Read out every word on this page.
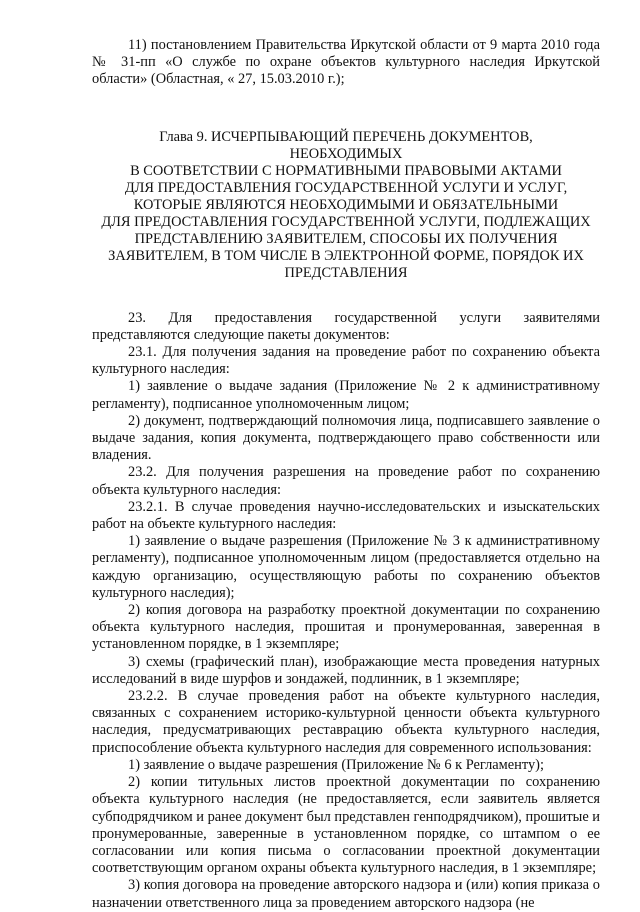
11) постановлением Правительства Иркутской области от 9 марта 2010 года № 31-пп «О службе по охране объектов культурного наследия Иркутской области» (Областная, « 27, 15.03.2010 г.);

Глава 9. ИСЧЕРПЫВАЮЩИЙ ПЕРЕЧЕНЬ ДОКУМЕНТОВ,
НЕОБХОДИМЫХ
В СООТВЕТСТВИИ С НОРМАТИВНЫМИ ПРАВОВЫМИ АКТАМИ
ДЛЯ ПРЕДОСТАВЛЕНИЯ ГОСУДАРСТВЕННОЙ УСЛУГИ И УСЛУГ,
КОТОРЫЕ ЯВЛЯЮТСЯ НЕОБХОДИМЫМИ И ОБЯЗАТЕЛЬНЫМИ
ДЛЯ ПРЕДОСТАВЛЕНИЯ ГОСУДАРСТВЕННОЙ УСЛУГИ, ПОДЛЕЖАЩИХ
ПРЕДСТАВЛЕНИЮ ЗАЯВИТЕЛЕМ, СПОСОБЫ ИХ ПОЛУЧЕНИЯ
ЗАЯВИТЕЛЕМ, В ТОМ ЧИСЛЕ В ЭЛЕКТРОННОЙ ФОРМЕ, ПОРЯДОК ИХ
ПРЕДСТАВЛЕНИЯ

23. Для предоставления государственной услуги заявителями представляются следующие пакеты документов:

23.1. Для получения задания на проведение работ по сохранению объекта культурного наследия:

1) заявление о выдаче задания (Приложение № 2 к административному регламенту), подписанное уполномоченным лицом;

2) документ, подтверждающий полномочия лица, подписавшего заявление о выдаче задания, копия документа, подтверждающего право собственности или владения.

23.2. Для получения разрешения на проведение работ по сохранению объекта культурного наследия:

23.2.1. В случае проведения научно-исследовательских и изыскательских работ на объекте культурного наследия:

1) заявление о выдаче разрешения (Приложение № 3 к административному регламенту), подписанное уполномоченным лицом (предоставляется отдельно на каждую организацию, осуществляющую работы по сохранению объектов культурного наследия);

2) копия договора на разработку проектной документации по сохранению объекта культурного наследия, прошитая и пронумерованная, заверенная в установленном порядке, в 1 экземпляре;

3) схемы (графический план), изображающие места проведения натурных исследований в виде шурфов и зондажей, подлинник, в 1 экземпляре;

23.2.2. В случае проведения работ на объекте культурного наследия, связанных с сохранением историко-культурной ценности объекта культурного наследия, предусматривающих реставрацию объекта культурного наследия, приспособление объекта культурного наследия для современного использования:

1) заявление о выдаче разрешения (Приложение № 6 к Регламенту);

2) копии титульных листов проектной документации по сохранению объекта культурного наследия (не предоставляется, если заявитель является субподрядчиком и ранее документ был представлен генподрядчиком), прошитые и пронумерованные, заверенные в установленном порядке, со штампом о ее согласовании или копия письма о согласовании проектной документации соответствующим органом охраны объекта культурного наследия, в 1 экземпляре;

3) копия договора на проведение авторского надзора и (или) копия приказа о назначении ответственного лица за проведением авторского надзора (не
